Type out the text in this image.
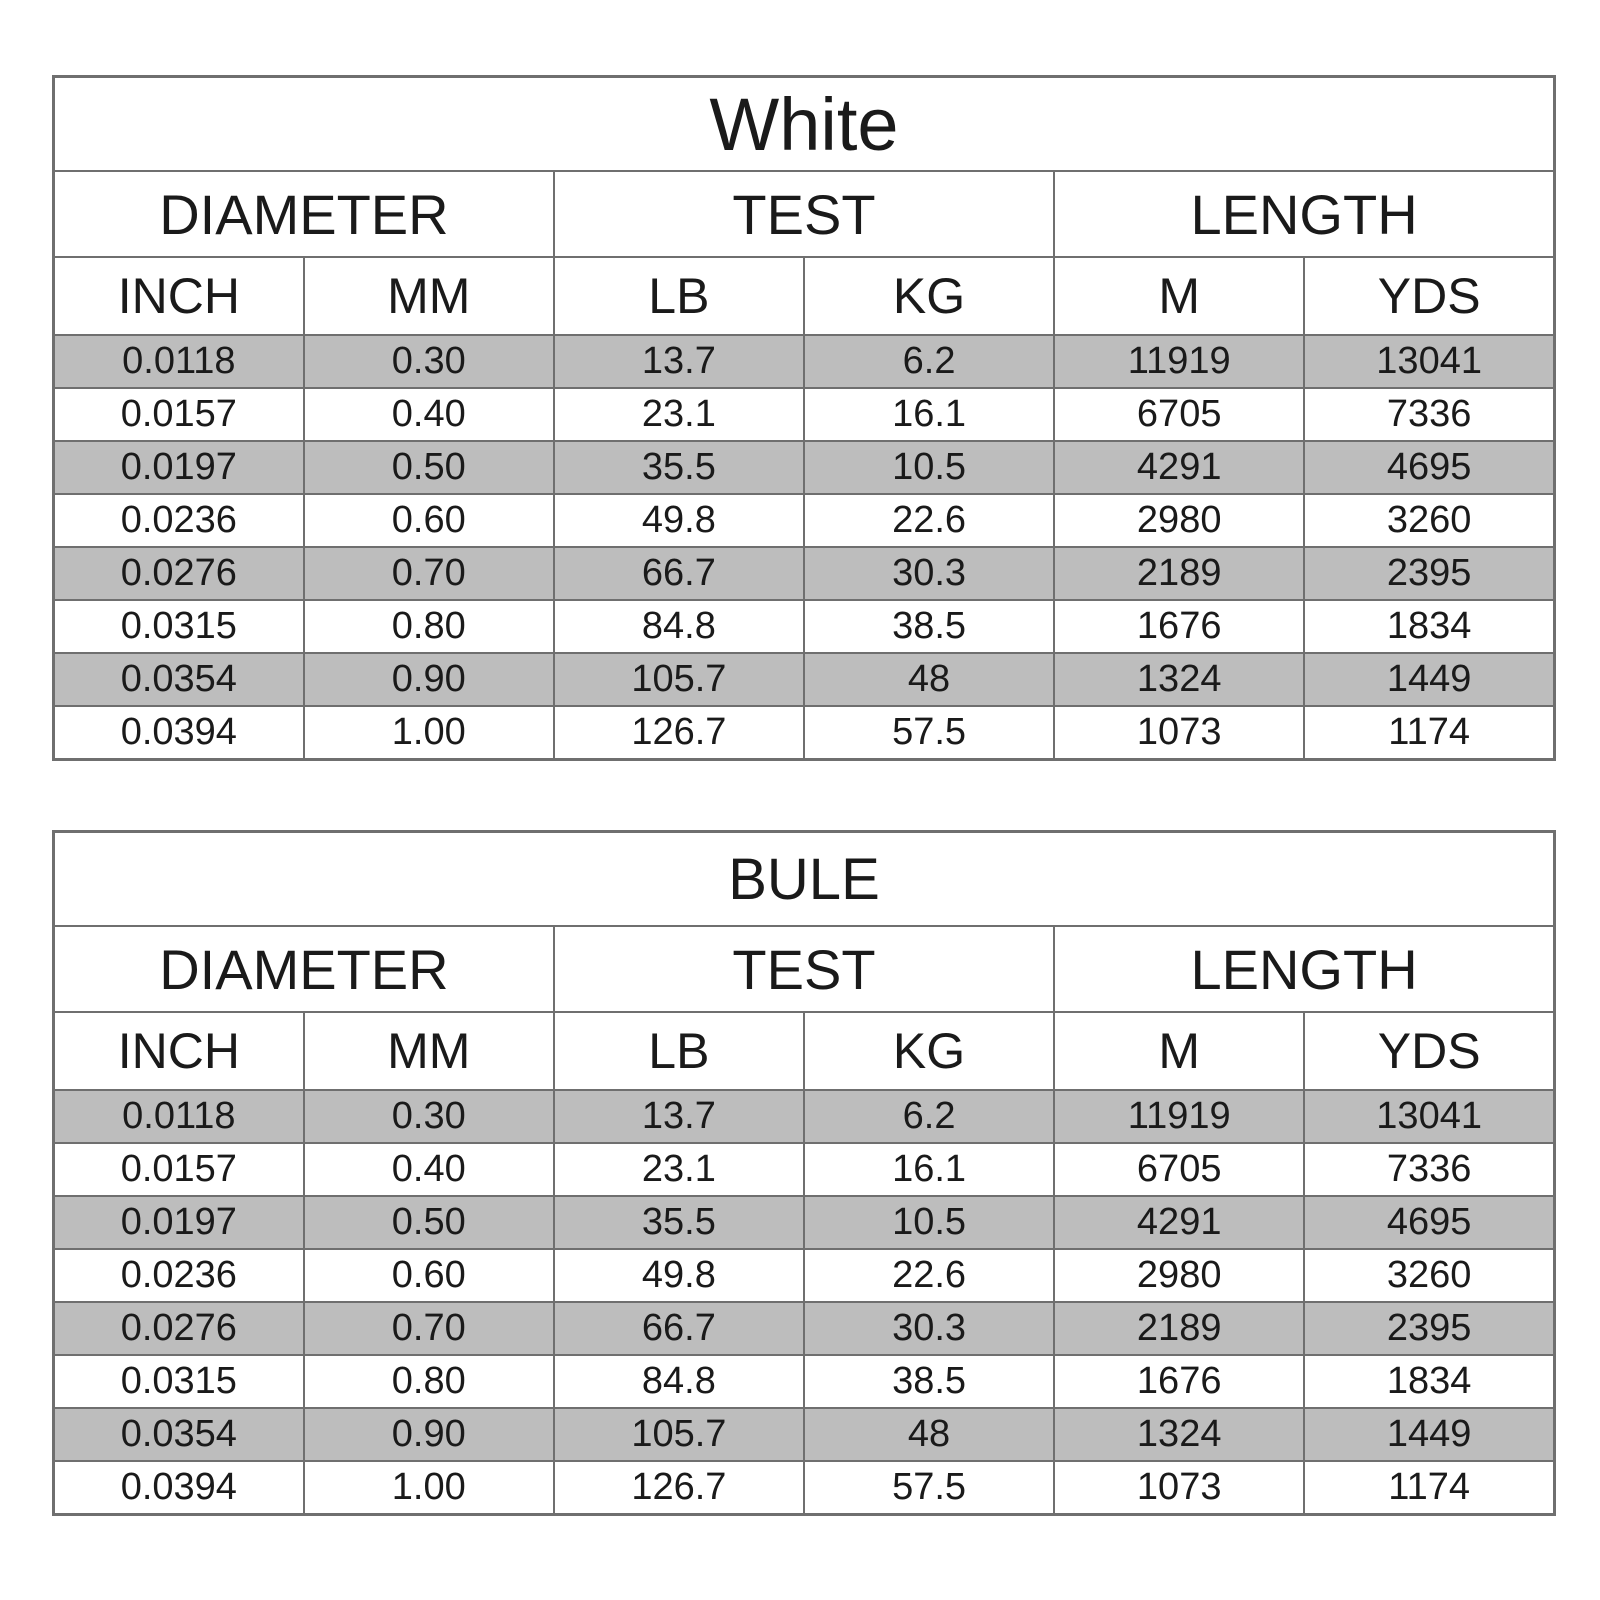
White					
DIAMETER		TEST		LENGTH	
INCH	MM	LB	KG	M	YDS
0.0118	0.30	13.7	6.2	11919	13041
0.0157	0.40	23.1	16.1	6705	7336
0.0197	0.50	35.5	10.5	4291	4695
0.0236	0.60	49.8	22.6	2980	3260
0.0276	0.70	66.7	30.3	2189	2395
0.0315	0.80	84.8	38.5	1676	1834
0.0354	0.90	105.7	48	1324	1449
0.0394	1.00	126.7	57.5	1073	1174
BULE					
DIAMETER		TEST		LENGTH	
INCH	MM	LB	KG	M	YDS
0.0118	0.30	13.7	6.2	11919	13041
0.0157	0.40	23.1	16.1	6705	7336
0.0197	0.50	35.5	10.5	4291	4695
0.0236	0.60	49.8	22.6	2980	3260
0.0276	0.70	66.7	30.3	2189	2395
0.0315	0.80	84.8	38.5	1676	1834
0.0354	0.90	105.7	48	1324	1449
0.0394	1.00	126.7	57.5	1073	1174
